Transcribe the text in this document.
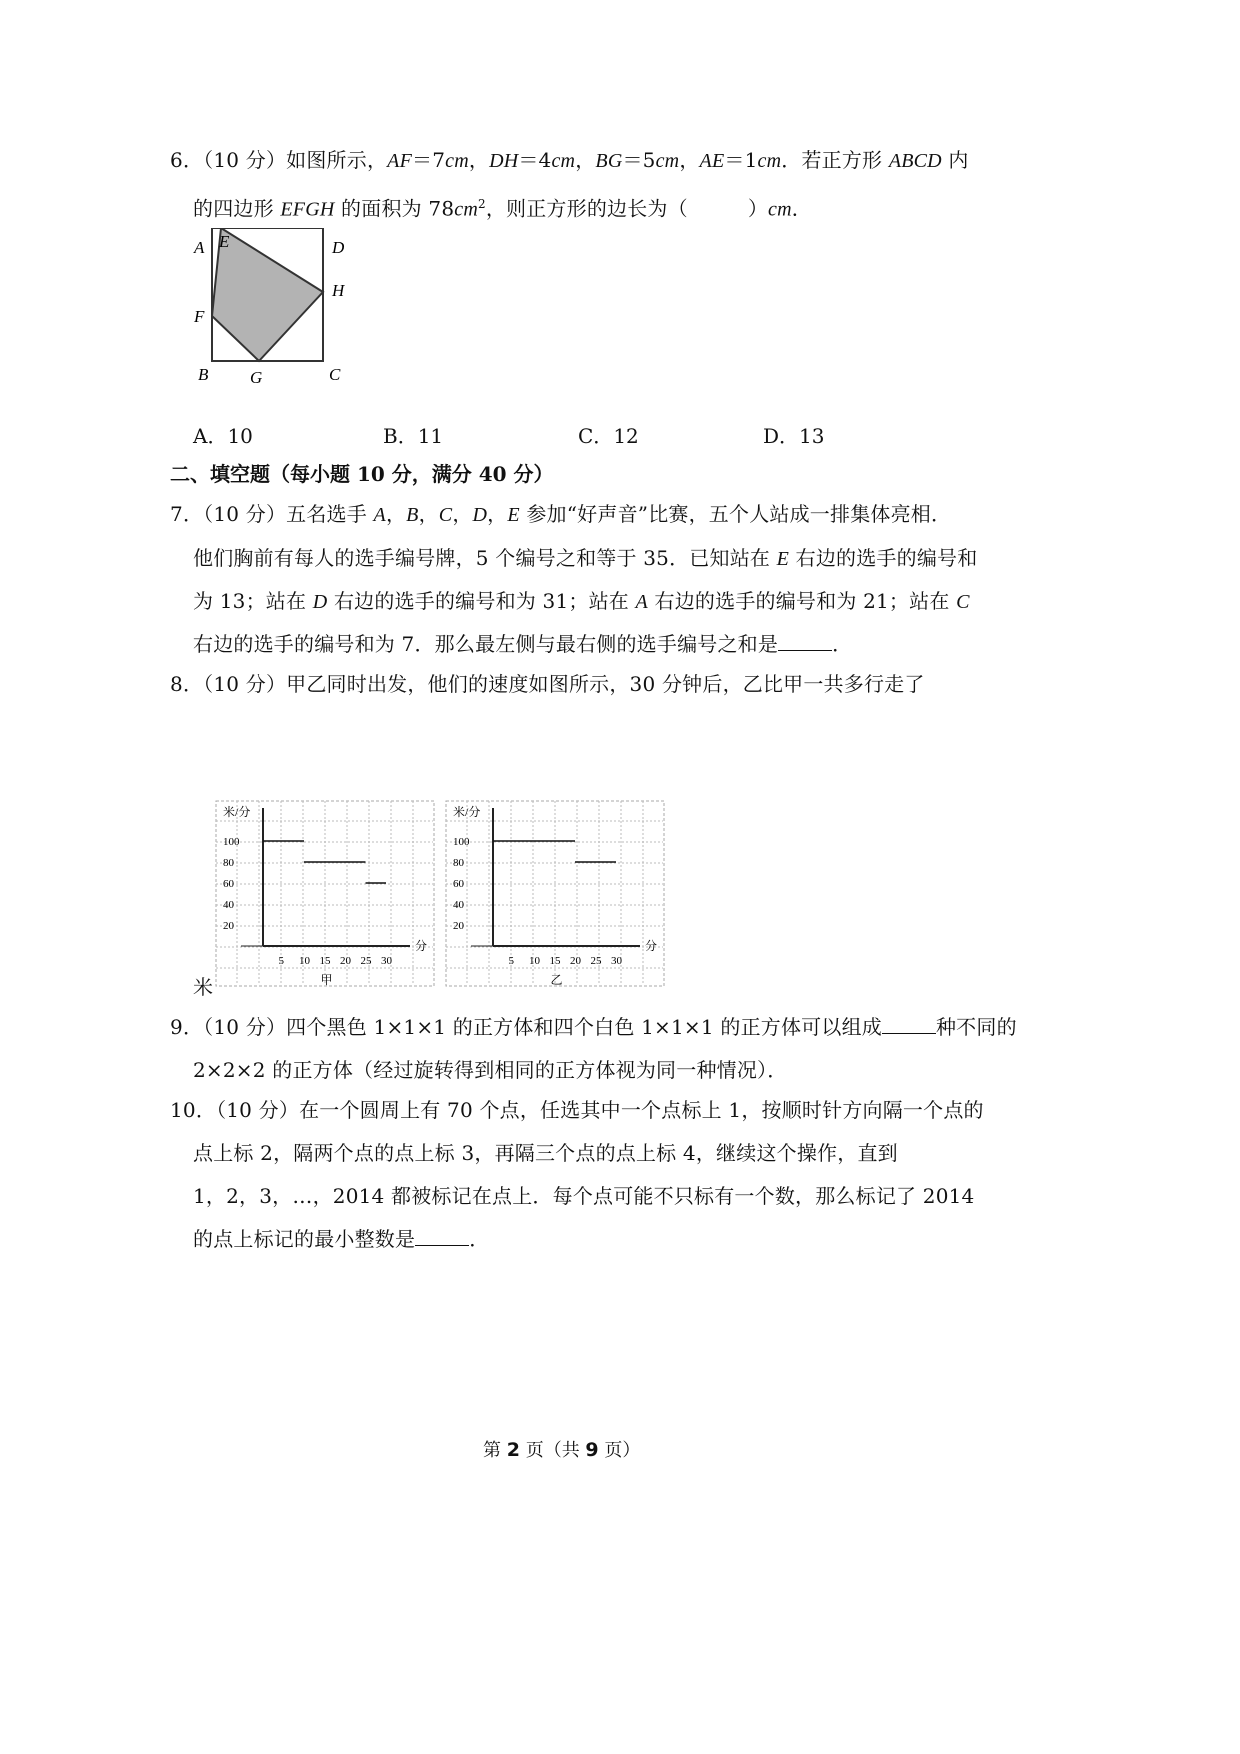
6．（10 分）如图所示，AF＝7cm，DH＝4cm，BG＝5cm，AE＝1cm．若正方形 ABCD 内
的四边形 EFGH 的面积为 $78cm^2$，则正方形的边长为（	）cm．
A E	D
H
F
B G	C
A．10	B．11	C．12	D．13
二、填空题（每小题 10 分，满分 40 分）
7．（10 分）五名选手 A，B，C，D，E 参加“好声音”比赛，五个人站成一排集体亮相．
他们胸前有每人的选手编号牌，5 个编号之和等于 35．已知站在 E 右边的选手的编号和
为 13；站在 D 右边的选手的编号和为 31；站在 A 右边的选手的编号和为 21；站在 C
右边的选手的编号和为 7．那么最左侧与最右侧的选手编号之和是	．
8．（10 分）甲乙同时出发，他们的速度如图所示，30 分钟后，乙比甲一共多行走了
米/分
分
100
80
60
40
20
5 10 15 20 25 30
甲
米/分
分
100
80
60
40
20
5 10 15 20 25 30
乙
米
9．（10 分）四个黑色 1×1×1 的正方体和四个白色 1×1×1 的正方体可以组成	种不同的
2×2×2 的正方体（经过旋转得到相同的正方体视为同一种情况）．
10．（10 分）在一个圆周上有 70 个点，任选其中一个点标上 1，按顺时针方向隔一个点的
点上标 2，隔两个点的点上标 3，再隔三个点的点上标 4，继续这个操作，直到
1，2，3，…，2014 都被标记在点上．每个点可能不只标有一个数，那么标记了 2014
的点上标记的最小整数是	．
第 2 页（共 9 页）
